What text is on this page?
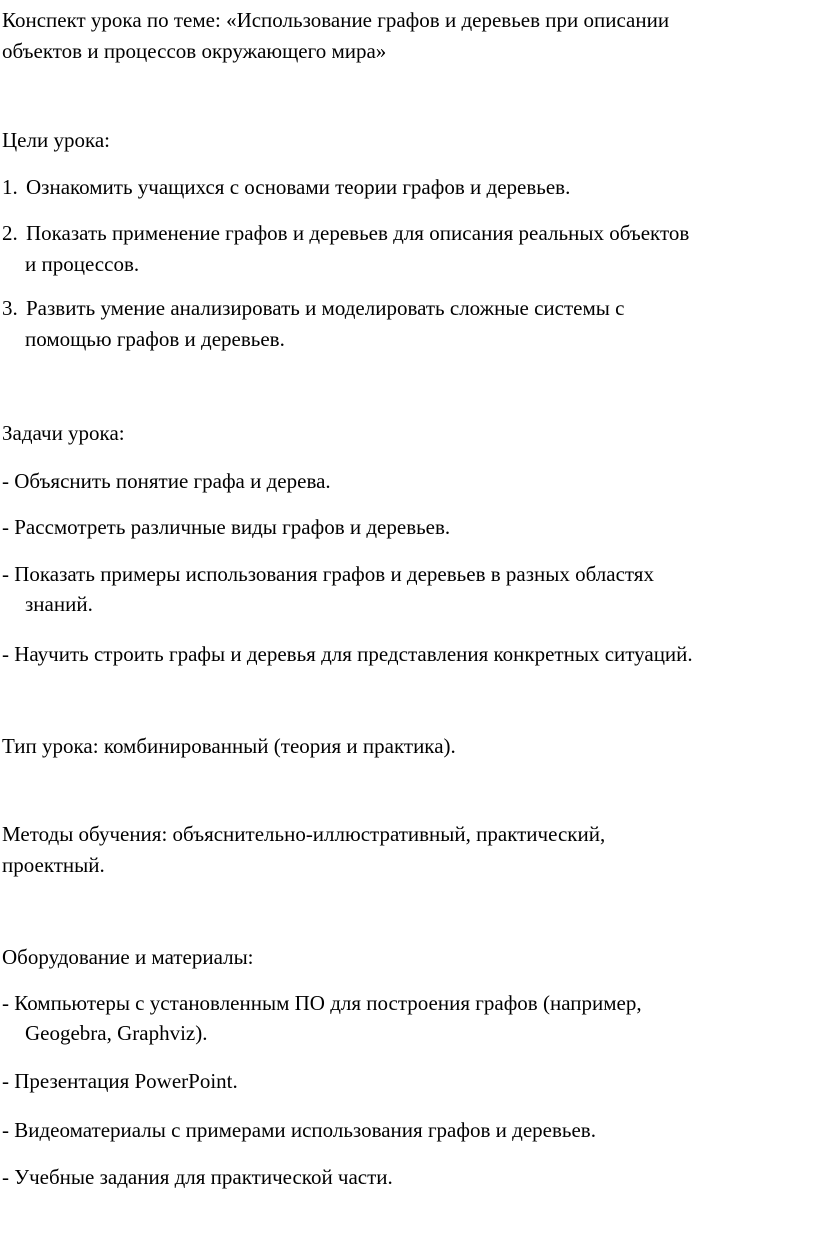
Конспект урока по теме: «Использование графов и деревьев при описании
объектов и процессов окружающего мира»
Цели урока:
1. Ознакомить учащихся с основами теории графов и деревьев.
2. Показать применение графов и деревьев для описания реальных объектов
и процессов.
3. Развить умение анализировать и моделировать сложные системы с
помощью графов и деревьев.
Задачи урока:
- Объяснить понятие графа и дерева.
- Рассмотреть различные виды графов и деревьев.
- Показать примеры использования графов и деревьев в разных областях
знаний.
- Научить строить графы и деревья для представления конкретных ситуаций.
Тип урока: комбинированный (теория и практика).
Методы обучения: объяснительно-иллюстративный, практический,
проектный.
Оборудование и материалы:
- Компьютеры с установленным ПО для построения графов (например,
Geogebra, Graphviz).
- Презентация PowerPoint.
- Видеоматериалы с примерами использования графов и деревьев.
- Учебные задания для практической части.
